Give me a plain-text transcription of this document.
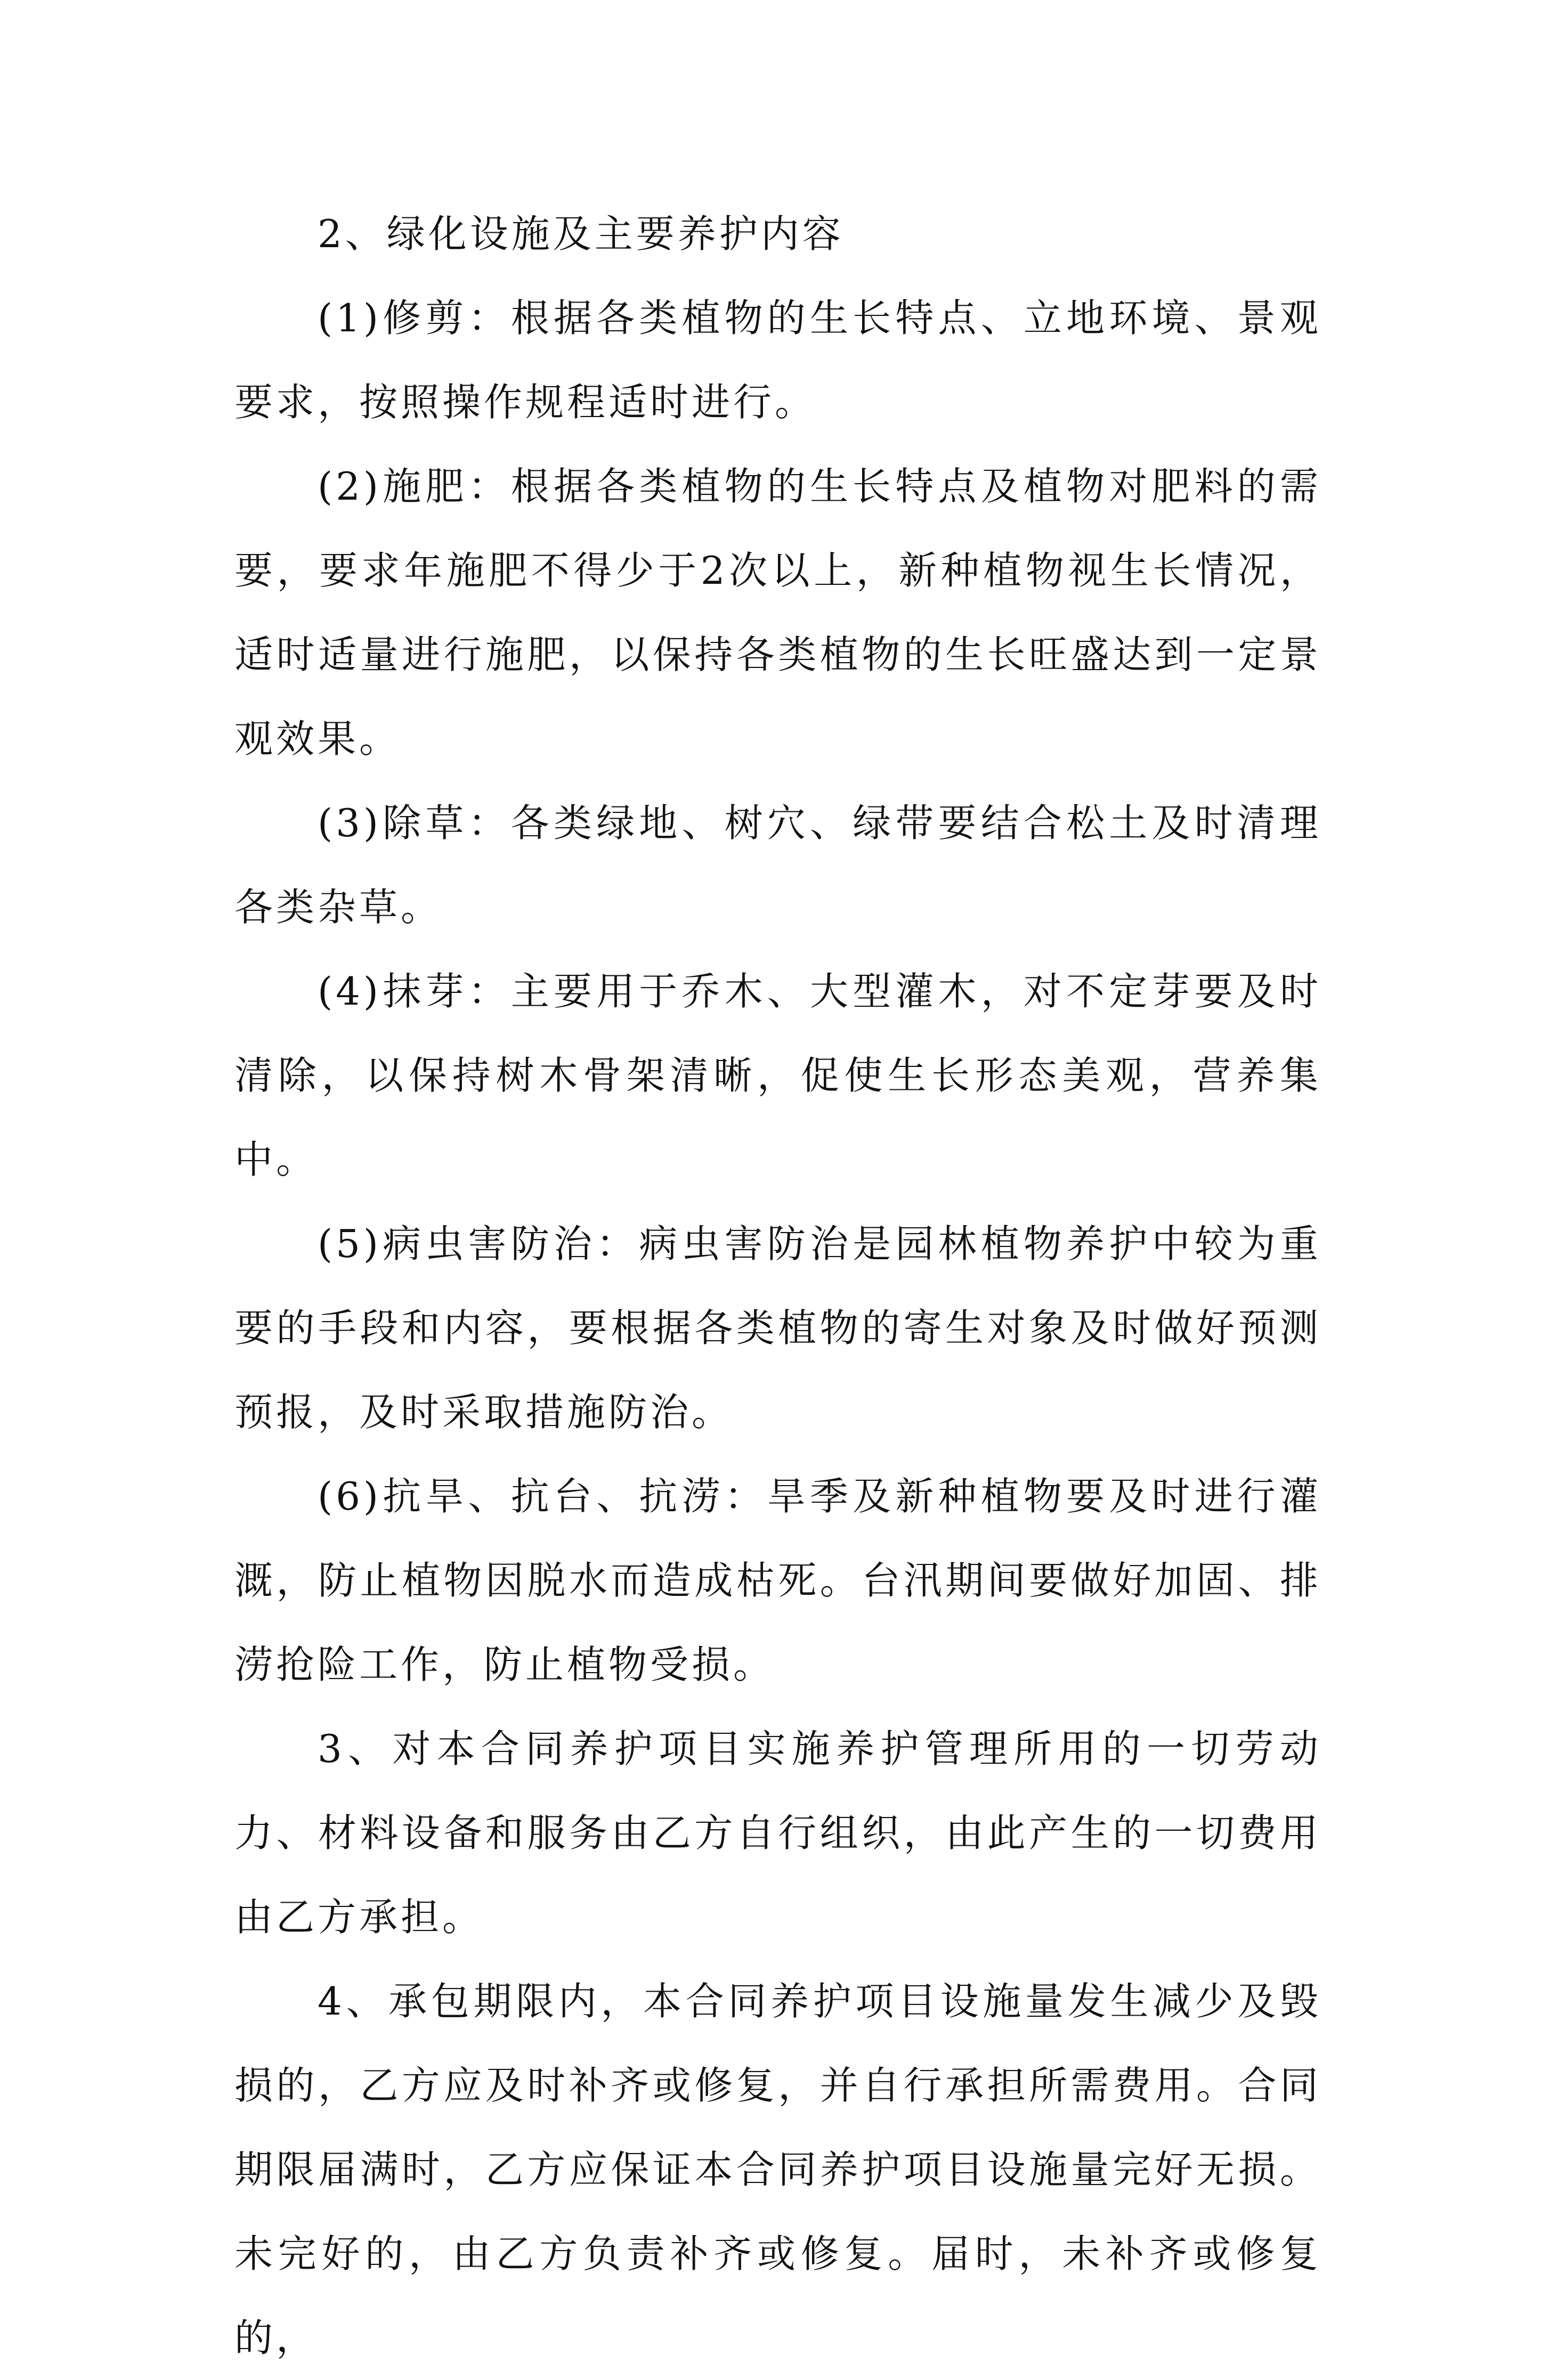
2、绿化设施及主要养护内容

(1)修剪：根据各类植物的生长特点、立地环境、景观要求，按照操作规程适时进行。

(2)施肥：根据各类植物的生长特点及植物对肥料的需要，要求年施肥不得少于2次以上，新种植物视生长情况，适时适量进行施肥，以保持各类植物的生长旺盛达到一定景观效果。

(3)除草：各类绿地、树穴、绿带要结合松土及时清理各类杂草。

(4)抹芽：主要用于乔木、大型灌木，对不定芽要及时清除，以保持树木骨架清晰，促使生长形态美观，营养集中。

(5)病虫害防治：病虫害防治是园林植物养护中较为重要的手段和内容，要根据各类植物的寄生对象及时做好预测预报，及时采取措施防治。

(6)抗旱、抗台、抗涝：旱季及新种植物要及时进行灌溉，防止植物因脱水而造成枯死。台汛期间要做好加固、排涝抢险工作，防止植物受损。

3、对本合同养护项目实施养护管理所用的一切劳动力、材料设备和服务由乙方自行组织，由此产生的一切费用由乙方承担。

4、承包期限内，本合同养护项目设施量发生减少及毁损的，乙方应及时补齐或修复，并自行承担所需费用。合同期限届满时，乙方应保证本合同养护项目设施量完好无损。未完好的，由乙方负责补齐或修复。届时，未补齐或修复的，
